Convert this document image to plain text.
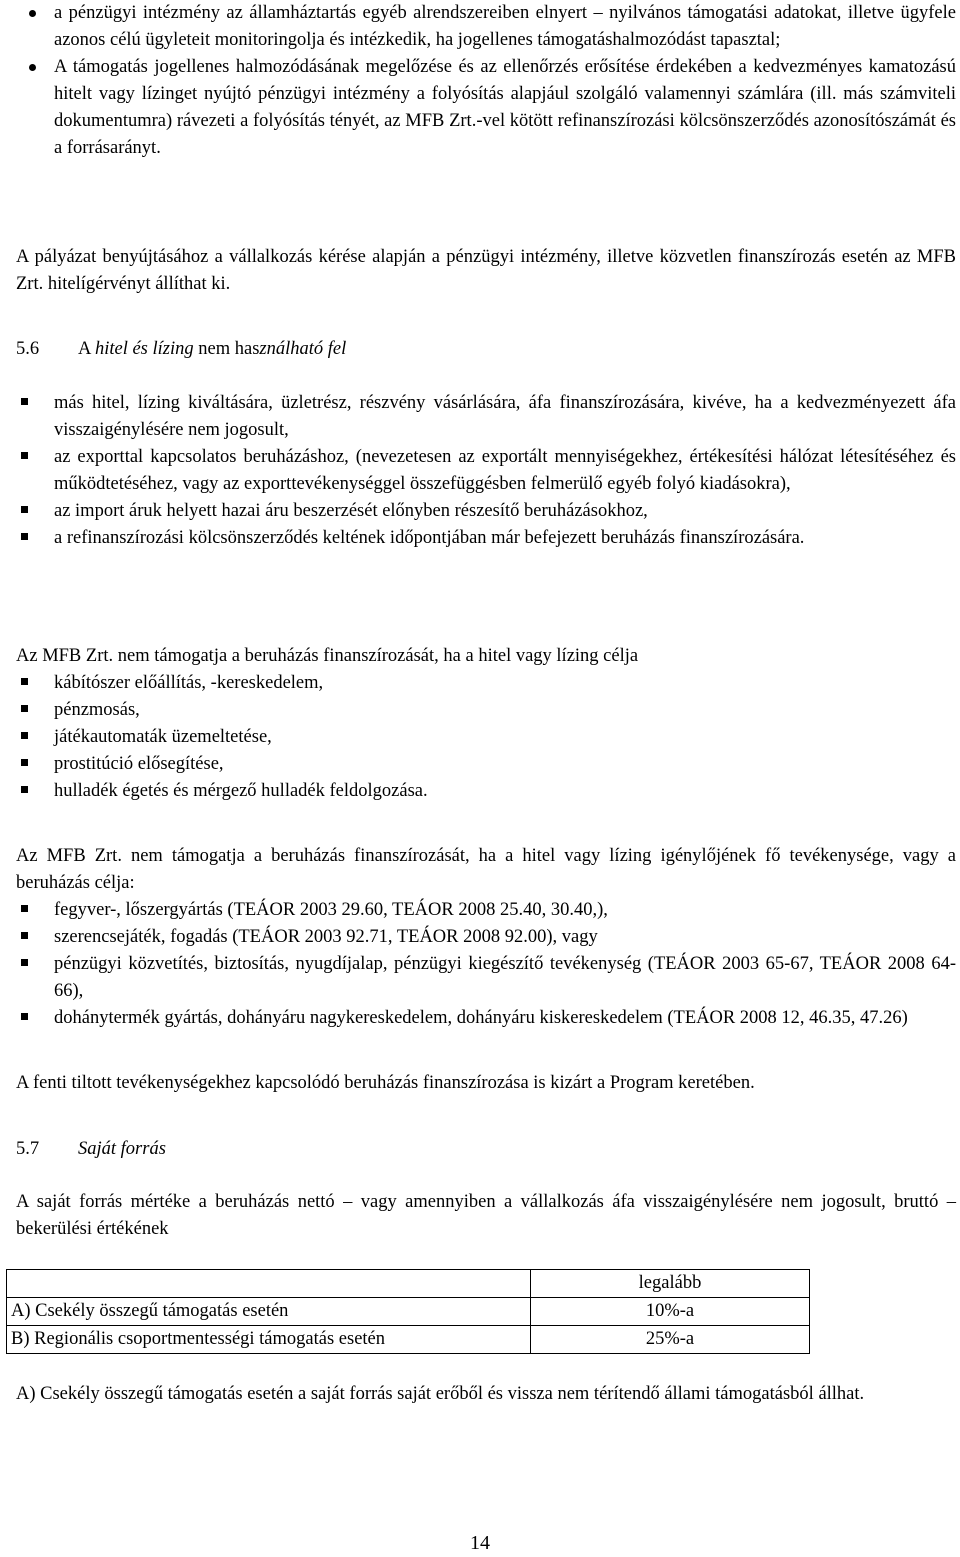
a pénzügyi intézmény az államháztartás egyéb alrendszereiben elnyert – nyilvános támogatási adatokat, illetve ügyfele azonos célú ügyleteit monitoringolja és intézkedik, ha jogellenes támogatáshalmozódást tapasztal;
A támogatás jogellenes halmozódásának megelőzése és az ellenőrzés erősítése érdekében a kedvezményes kamatozású hitelt vagy lízinget nyújtó pénzügyi intézmény a folyósítás alapjául szolgáló valamennyi számlára (ill. más számviteli dokumentumra) rávezeti a folyósítás tényét, az MFB Zrt.-vel kötött refinanszírozási kölcsönszerződés azonosítószámát és a forrásarányt.

A pályázat benyújtásához a vállalkozás kérése alapján a pénzügyi intézmény, illetve közvetlen finanszírozás esetén az MFB Zrt. hitelígérvényt állíthat ki.

5.6 A hitel és lízing nem használható fel
más hitel, lízing kiváltására, üzletrész, részvény vásárlására, áfa finanszírozására, kivéve, ha a kedvezményezett áfa visszaigénylésére nem jogosult,
az exporttal kapcsolatos beruházáshoz, (nevezetesen az exportált mennyiségekhez, értékesítési hálózat létesítéséhez és működtetéséhez, vagy az exporttevékenységgel összefüggésben felmerülő egyéb folyó kiadásokra),
az import áruk helyett hazai áru beszerzését előnyben részesítő beruházásokhoz,
a refinanszírozási kölcsönszerződés keltének időpontjában már befejezett beruházás finanszírozására.

Az MFB Zrt. nem támogatja a beruházás finanszírozását, ha a hitel vagy lízing célja

kábítószer előállítás, -kereskedelem,
pénzmosás,
játékautomaták üzemeltetése,
prostitúció elősegítése,
hulladék égetés és mérgező hulladék feldolgozása.

Az MFB Zrt. nem támogatja a beruházás finanszírozását, ha a hitel vagy lízing igénylőjének fő tevékenysége, vagy a beruházás célja:

fegyver-, lőszergyártás (TEÁOR 2003 29.60, TEÁOR 2008 25.40, 30.40,),
szerencsejáték, fogadás (TEÁOR 2003 92.71, TEÁOR 2008 92.00), vagy
pénzügyi közvetítés, biztosítás, nyugdíjalap, pénzügyi kiegészítő tevékenység (TEÁOR 2003 65-67, TEÁOR 2008 64-66),
dohánytermék gyártás, dohányáru nagykereskedelem, dohányáru kiskereskedelem (TEÁOR 2008 12, 46.35, 47.26)

A fenti tiltott tevékenységekhez kapcsolódó beruházás finanszírozása is kizárt a Program keretében.

5.7 Saját forrás

A saját forrás mértéke a beruházás nettó – vagy amennyiben a vállalkozás áfa visszaigénylésére nem jogosult, bruttó – bekerülési értékének

	legalább
A) Csekély összegű támogatás esetén	10%-a
B) Regionális csoportmentességi támogatás esetén	25%-a

A) Csekély összegű támogatás esetén a saját forrás saját erőből és vissza nem térítendő állami támogatásból állhat.

14
